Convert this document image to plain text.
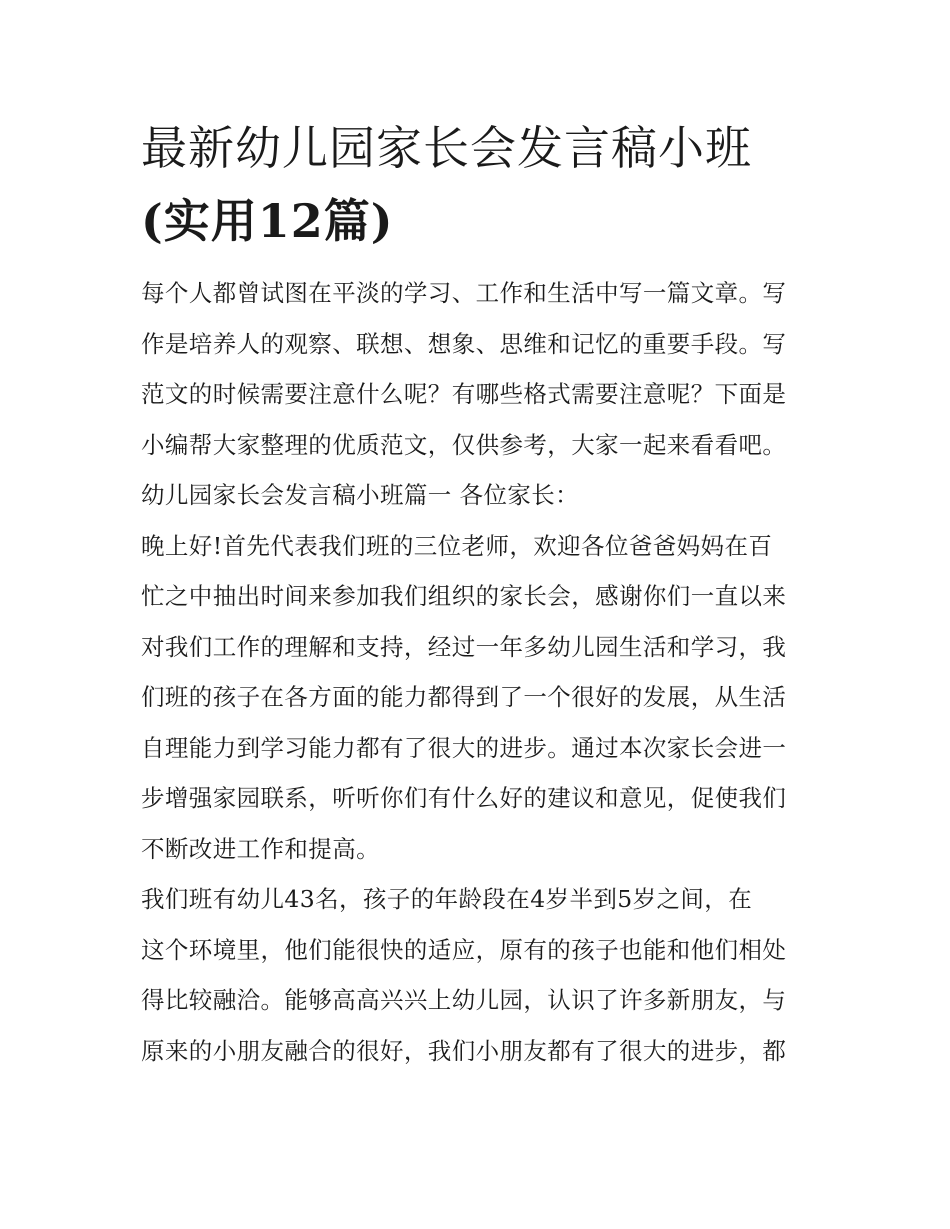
最新幼儿园家长会发言稿小班
(实用12篇)
每个人都曾试图在平淡的学习、工作和生活中写一篇文章。写
作是培养人的观察、联想、想象、思维和记忆的重要手段。写
范文的时候需要注意什么呢？有哪些格式需要注意呢？下面是
小编帮大家整理的优质范文，仅供参考，大家一起来看看吧。
幼儿园家长会发言稿小班篇一 各位家长：
晚上好!首先代表我们班的三位老师，欢迎各位爸爸妈妈在百
忙之中抽出时间来参加我们组织的家长会，感谢你们一直以来
对我们工作的理解和支持，经过一年多幼儿园生活和学习，我
们班的孩子在各方面的能力都得到了一个很好的发展，从生活
自理能力到学习能力都有了很大的进步。通过本次家长会进一
步增强家园联系，听听你们有什么好的建议和意见，促使我们
不断改进工作和提高。
我们班有幼儿43名，孩子的年龄段在4岁半到5岁之间，在
这个环境里，他们能很快的适应，原有的孩子也能和他们相处
得比较融洽。能够高高兴兴上幼儿园，认识了许多新朋友，与
原来的小朋友融合的很好，我们小朋友都有了很大的进步，都
